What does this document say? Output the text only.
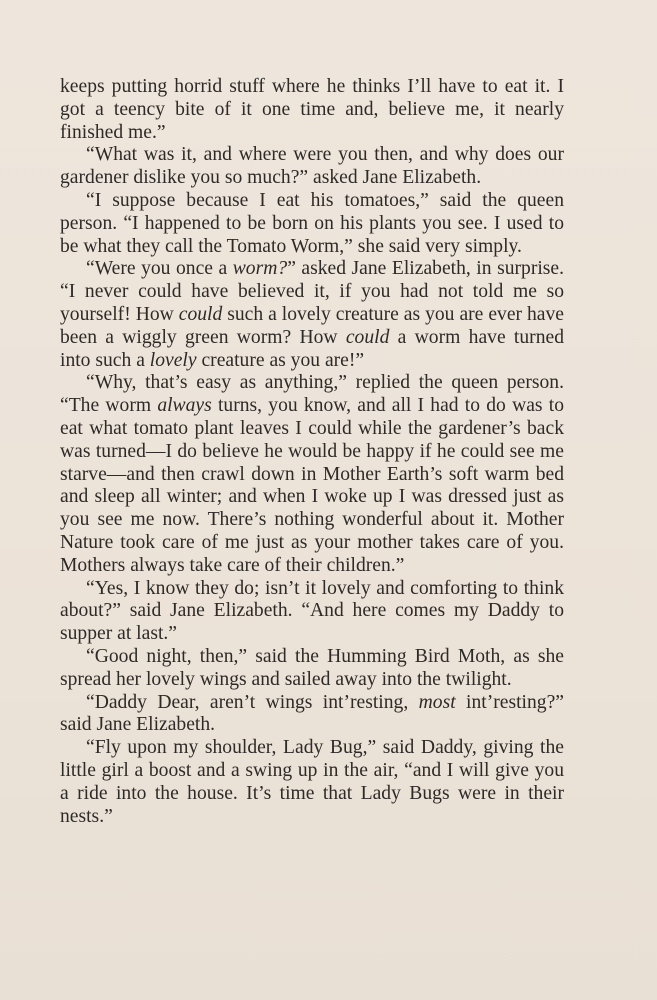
keeps putting horrid stuff where he thinks I’ll have to eat it. I got a teency bite of it one time and, believe me, it nearly finished me.”

“What was it, and where were you then, and why does our gardener dislike you so much?” asked Jane Elizabeth.

“I suppose because I eat his tomatoes,” said the queen person. “I happened to be born on his plants you see. I used to be what they call the Tomato Worm,” she said very simply.

“Were you once a worm?” asked Jane Elizabeth, in surprise. “I never could have believed it, if you had not told me so yourself! How could such a lovely creature as you are ever have been a wiggly green worm? How could a worm have turned into such a lovely creature as you are!”

“Why, that’s easy as anything,” replied the queen person. “The worm always turns, you know, and all I had to do was to eat what tomato plant leaves I could while the gardener’s back was turned—I do believe he would be happy if he could see me starve—and then crawl down in Mother Earth’s soft warm bed and sleep all winter; and when I woke up I was dressed just as you see me now. There’s nothing wonderful about it. Mother Nature took care of me just as your mother takes care of you. Mothers always take care of their children.”

“Yes, I know they do; isn’t it lovely and comforting to think about?” said Jane Elizabeth. “And here comes my Daddy to supper at last.”

“Good night, then,” said the Humming Bird Moth, as she spread her lovely wings and sailed away into the twilight.

“Daddy Dear, aren’t wings int’resting, most int’resting?” said Jane Elizabeth.

“Fly upon my shoulder, Lady Bug,” said Daddy, giving the little girl a boost and a swing up in the air, “and I will give you a ride into the house. It’s time that Lady Bugs were in their nests.”
